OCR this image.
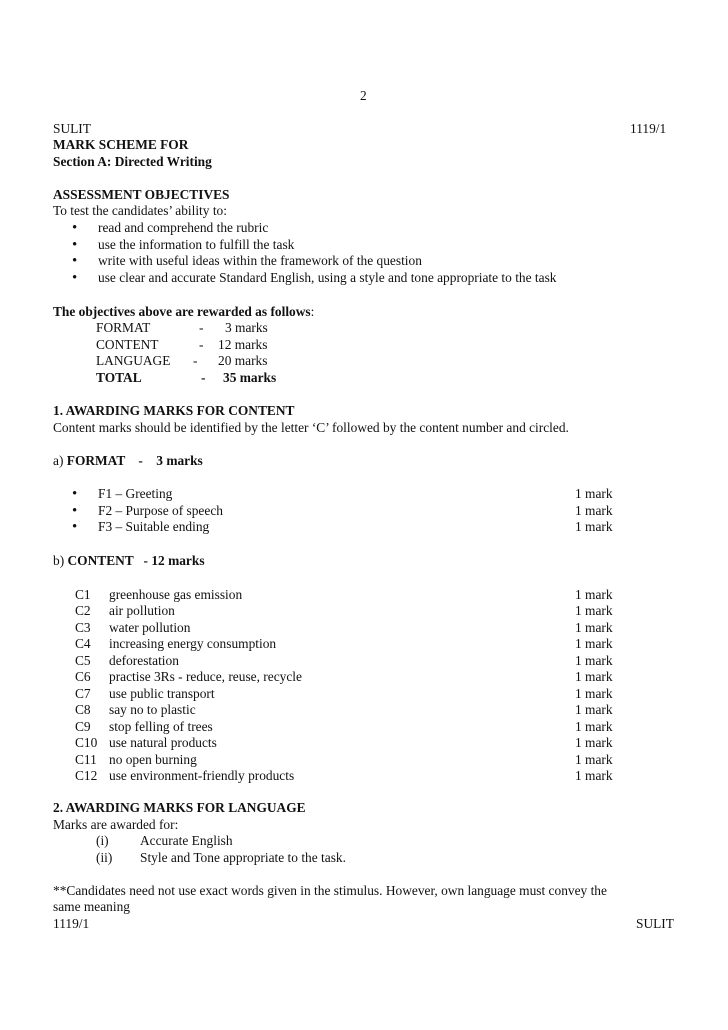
2
SULIT	1119/1
MARK SCHEME FOR
Section A: Directed Writing
ASSESSMENT OBJECTIVES
To test the candidates’ ability to:
• read and comprehend the rubric
• use the information to fulfill the task
• write with useful ideas within the framework of the question
• use clear and accurate Standard English, using a style and tone appropriate to the task
The objectives above are rewarded as follows:
FORMAT	- 3 marks
CONTENT	- 12 marks
LANGUAGE - 20 marks
TOTAL	- 35 marks
1. AWARDING MARKS FOR CONTENT
Content marks should be identified by the letter ‘C’ followed by the content number and circled.
a) FORMAT    -    3 marks
• F1 – Greeting	1 mark
• F2 – Purpose of speech	1 mark
• F3 – Suitable ending	1 mark
b) CONTENT   - 12 marks
C1 greenhouse gas emission	1 mark
C2 air pollution	1 mark
C3 water pollution	1 mark
C4 increasing energy consumption	1 mark
C5 deforestation	1 mark
C6 practise 3Rs - reduce, reuse, recycle	1 mark
C7 use public transport	1 mark
C8 say no to plastic	1 mark
C9 stop felling of trees	1 mark
C10 use natural products	1 mark
C11 no open burning	1 mark
C12 use environment-friendly products	1 mark
2. AWARDING MARKS FOR LANGUAGE
Marks are awarded for:
(i) Accurate English
(ii) Style and Tone appropriate to the task.
**Candidates need not use exact words given in the stimulus. However, own language must convey the
same meaning
1119/1	SULIT
